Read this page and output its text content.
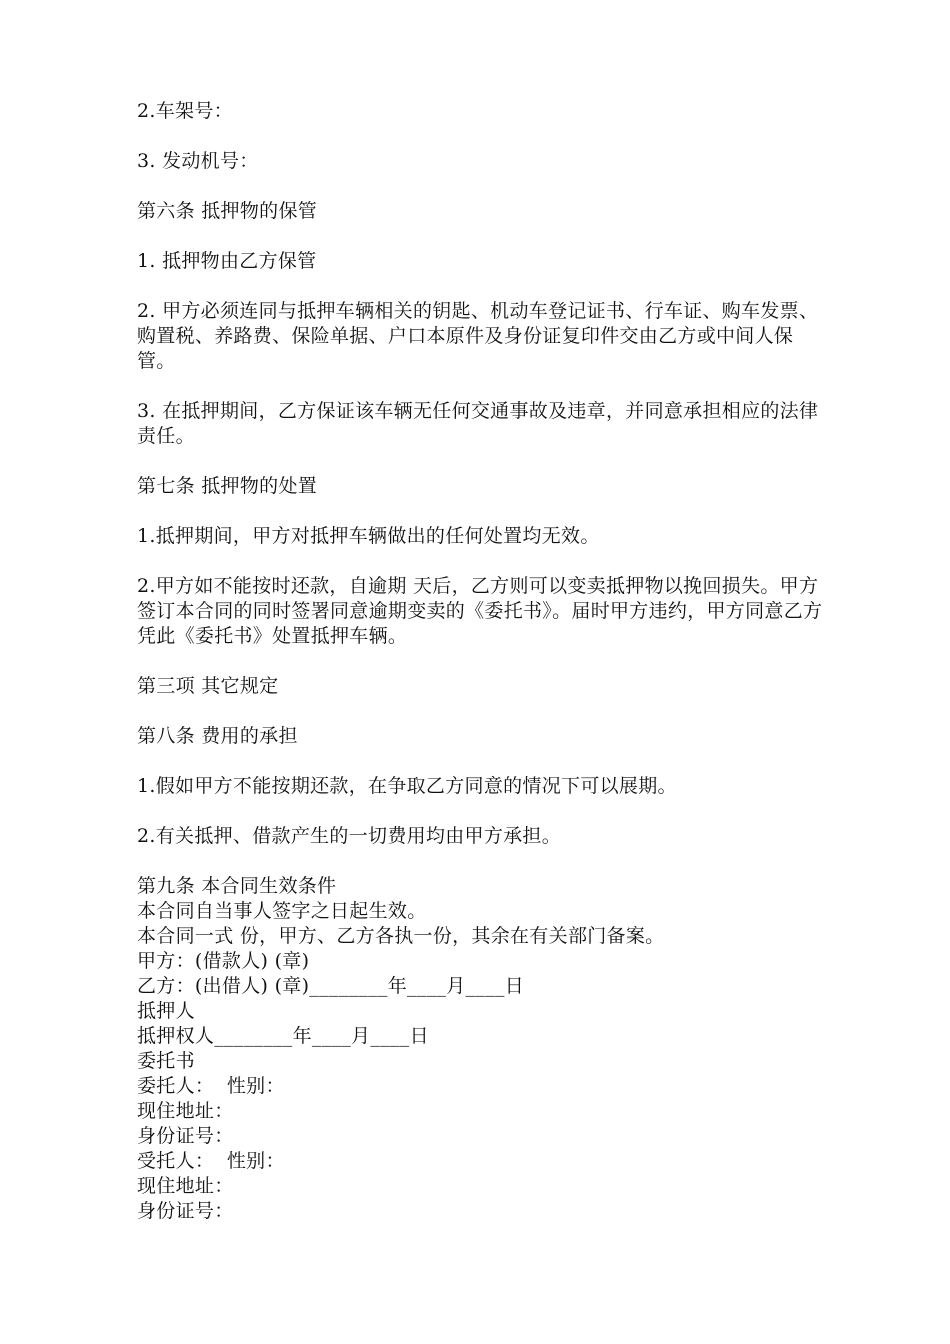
2.车架号：
3. 发动机号：
第六条 抵押物的保管
1. 抵押物由乙方保管
2. 甲方必须连同与抵押车辆相关的钥匙、机动车登记证书、行车证、购车发票、购置税、养路费、保险单据、户口本原件及身份证复印件交由乙方或中间人保管。
3. 在抵押期间，乙方保证该车辆无任何交通事故及违章，并同意承担相应的法律责任。
第七条 抵押物的处置
1.抵押期间，甲方对抵押车辆做出的任何处置均无效。
2.甲方如不能按时还款，自逾期 天后，乙方则可以变卖抵押物以挽回损失。甲方签订本合同的同时签署同意逾期变卖的《委托书》。届时甲方违约，甲方同意乙方凭此《委托书》处置抵押车辆。
第三项 其它规定
第八条 费用的承担
1.假如甲方不能按期还款，在争取乙方同意的情况下可以展期。
2.有关抵押、借款产生的一切费用均由甲方承担。
第九条 本合同生效条件
本合同自当事人签字之日起生效。
本合同一式 份，甲方、乙方各执一份，其余在有关部门备案。
甲方：(借款人) (章)
乙方：(出借人) (章)________年____月____日
抵押人
抵押权人________年____月____日
委托书
委托人：  性别：
现住地址：
身份证号：
受托人：  性别：
现住地址：
身份证号：
